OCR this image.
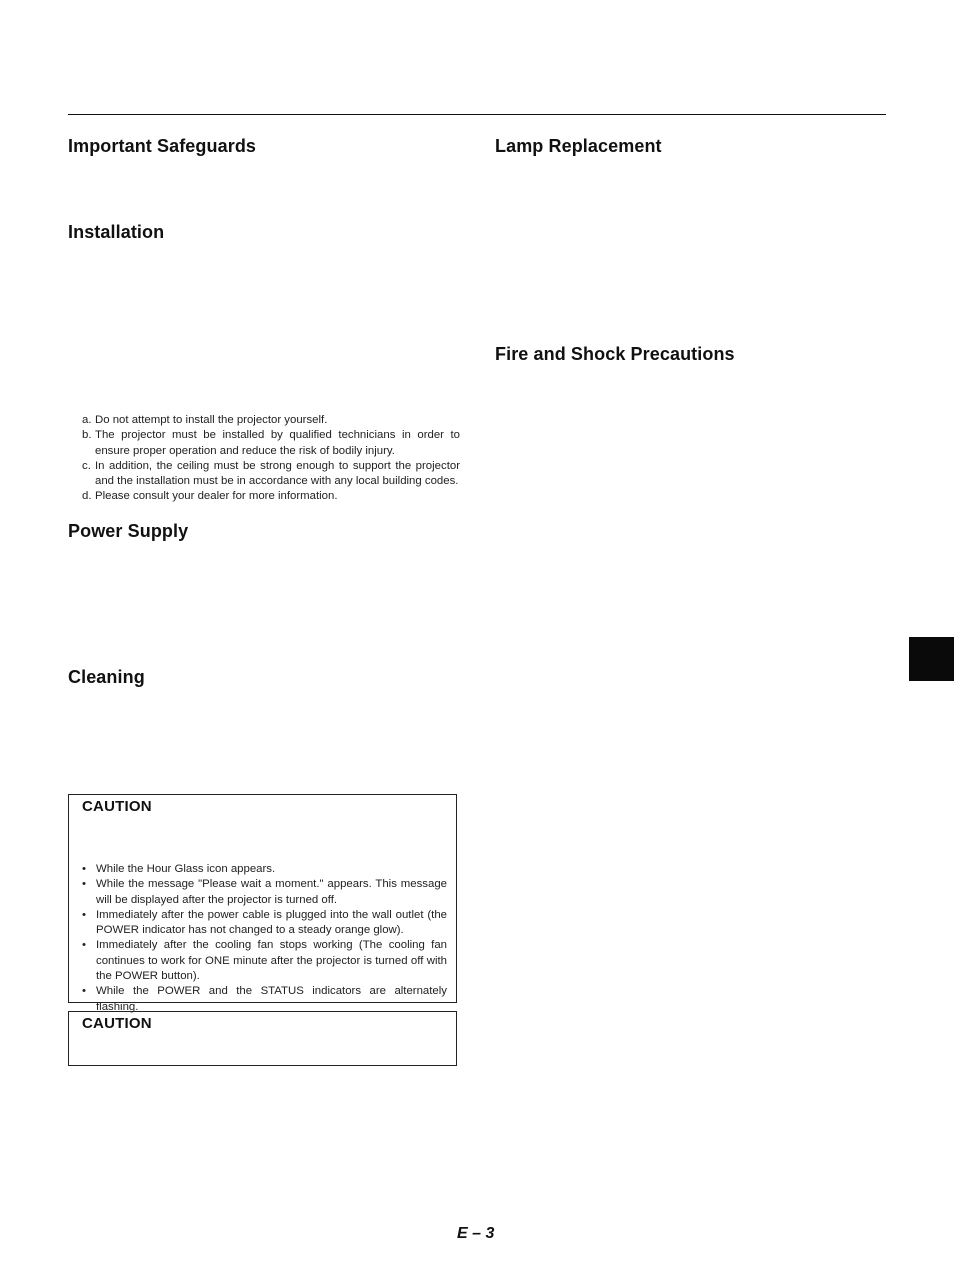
Important Safeguards
Installation
a. Do not attempt to install the projector yourself.
b. The projector must be installed by qualified technicians in order to ensure proper operation and reduce the risk of bodily injury.
c. In addition, the ceiling must be strong enough to support the projector and the installation must be in accordance with any local building codes.
d. Please consult your dealer for more information.
Power Supply
Cleaning
CAUTION
• While the Hour Glass icon appears.
• While the message "Please wait a moment." appears. This message will be displayed after the projector is turned off.
• Immediately after the power cable is plugged into the wall outlet (the POWER indicator has not changed to a steady orange glow).
• Immediately after the cooling fan stops working (The cooling fan continues to work for ONE minute after the projector is turned off with the POWER button).
• While the POWER and the STATUS indicators are alternately flashing.
CAUTION
Lamp Replacement
Fire and Shock Precautions
E – 3
